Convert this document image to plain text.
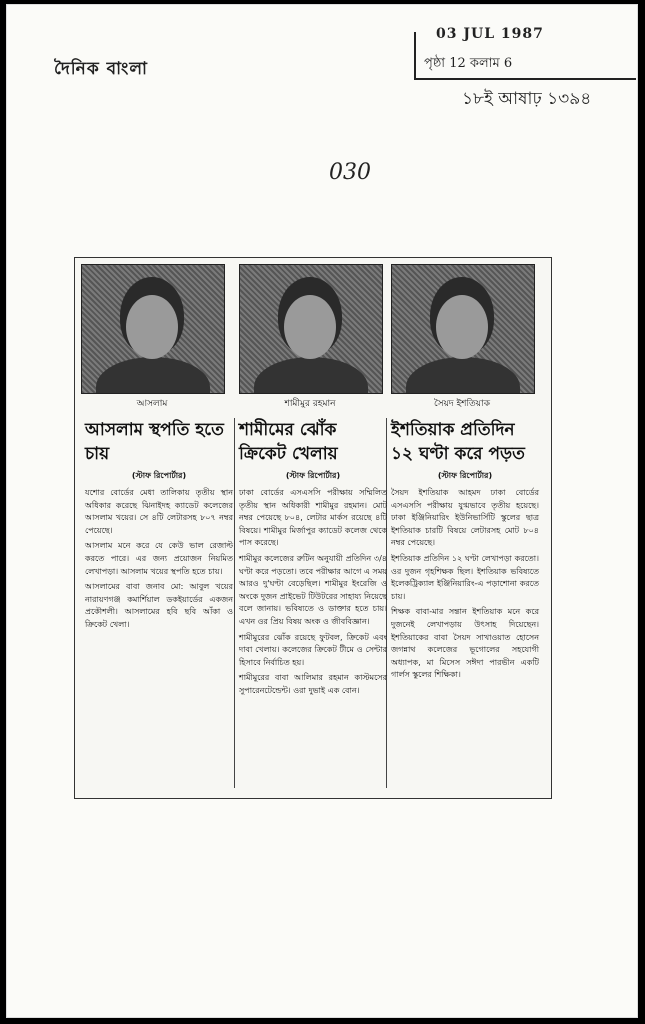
দৈনিক বাংলা
03 JUL 1987
পৃষ্ঠা 12 কলাম 6
১৮ই আষাঢ় ১৩৯৪
030
আসলাম	শামীমুর রহমান	সৈয়দ ইশতিয়াক
আসলাম স্থপতি হতে চায়
(স্টাফ রিপোর্টার)

যশোর বোর্ডের মেধা তালিকায় তৃতীয় স্থান অধিকার করেছে ঝিনাইদহ ক্যাডেট কলেজের আসলাম খয়ের। সে ৪টি লেটারসহ ৮০৭ নম্বর পেয়েছে।

আসলাম মনে করে যে কেউ ভাল রেজাল্ট করতে পারে। এর জন্য প্রয়োজন নিয়মিত লেখাপড়া। আসলাম খয়ের স্থপতি হতে চায়।

আসলামের বাবা জনাব মো: আবুল খয়ের নারায়ণগঞ্জ কমার্শিয়াল ডকইয়ার্ডের একজন প্রকৌশলী। আসলামের হবি ছবি আঁকা ও ক্রিকেট খেলা।

শামীমের ঝোঁক ক্রিকেট খেলায়
(স্টাফ রিপোর্টার)

ঢাকা বোর্ডের এসএসসি পরীক্ষায় সম্মিলিত তৃতীয় স্থান অধিকারী শামীমুর রহমান। মোট নম্বর পেয়েছে ৮০৪, লেটার মার্কস রয়েছে ৪টি বিষয়ে। শামীমুর মির্জাপুর ক্যাডেট কলেজ থেকে পাস করেছে।

শামীমুর কলেজের রুটিন অনুযায়ী প্রতিদিন ৩/৪ ঘণ্টা করে পড়তো। তবে পরীক্ষার আগে এ সময় আরও দু'ঘণ্টা বেড়েছিল। শামীমুর ইংরেজি ও অংকে দুজন প্রাইভেট টিউটরের সাহায্য নিয়েছে বলে জানায়। ভবিষ্যতে ও ডাক্তার হতে চায়। এখন ওর প্রিয় বিষয় অংক ও জীববিজ্ঞান।

শামীমুরের ঝোঁক রয়েছে ফুটবল, ক্রিকেট এবং দাবা খেলায়। কলেজের ক্রিকেট টীমে ও সেন্টার হিসাবে নির্বাচিত হয়।

শামীমুরের বাবা আলিমার রহমান কাস্টমসের সুপারেনটেন্ডেন্ট। ওরা দুভাই এক বোন।

ইশতিয়াক প্রতিদিন ১২ ঘণ্টা করে পড়ত
(স্টাফ রিপোর্টার)

সৈয়দ ইশতিয়াক আহমদ ঢাকা বোর্ডের এসএসসি পরীক্ষায় যুগ্মভাবে তৃতীয় হয়েছে। ঢাকা ইঞ্জিনিয়ারিং ইউনিভার্সিটি স্কুলের ছাত্র ইশতিয়াক চারটি বিষয়ে লেটারসহ মোট ৮০৪ নম্বর পেয়েছে।

ইশতিয়াক প্রতিদিন ১২ ঘণ্টা লেখাপড়া করতো। ওর দুজন গৃহশিক্ষক ছিল। ইশতিয়াক ভবিষ্যতে ইলেকট্রিক্যাল ইঞ্জিনিয়ারিং-এ পড়াশোনা করতে চায়।

শিক্ষক বাবা-মার সন্তান ইশতিয়াক মনে করে দুজনেই লেখাপড়ায় উৎসাহ দিয়েছেন। ইশতিয়াকের বাবা সৈয়দ সাখাওয়াত হোসেন জগন্নাথ কলেজের ভূগোলের সহযোগী অধ্যাপক, মা মিসেস সঈদা পারভীন একটি গার্লস স্কুলের শিক্ষিকা।
